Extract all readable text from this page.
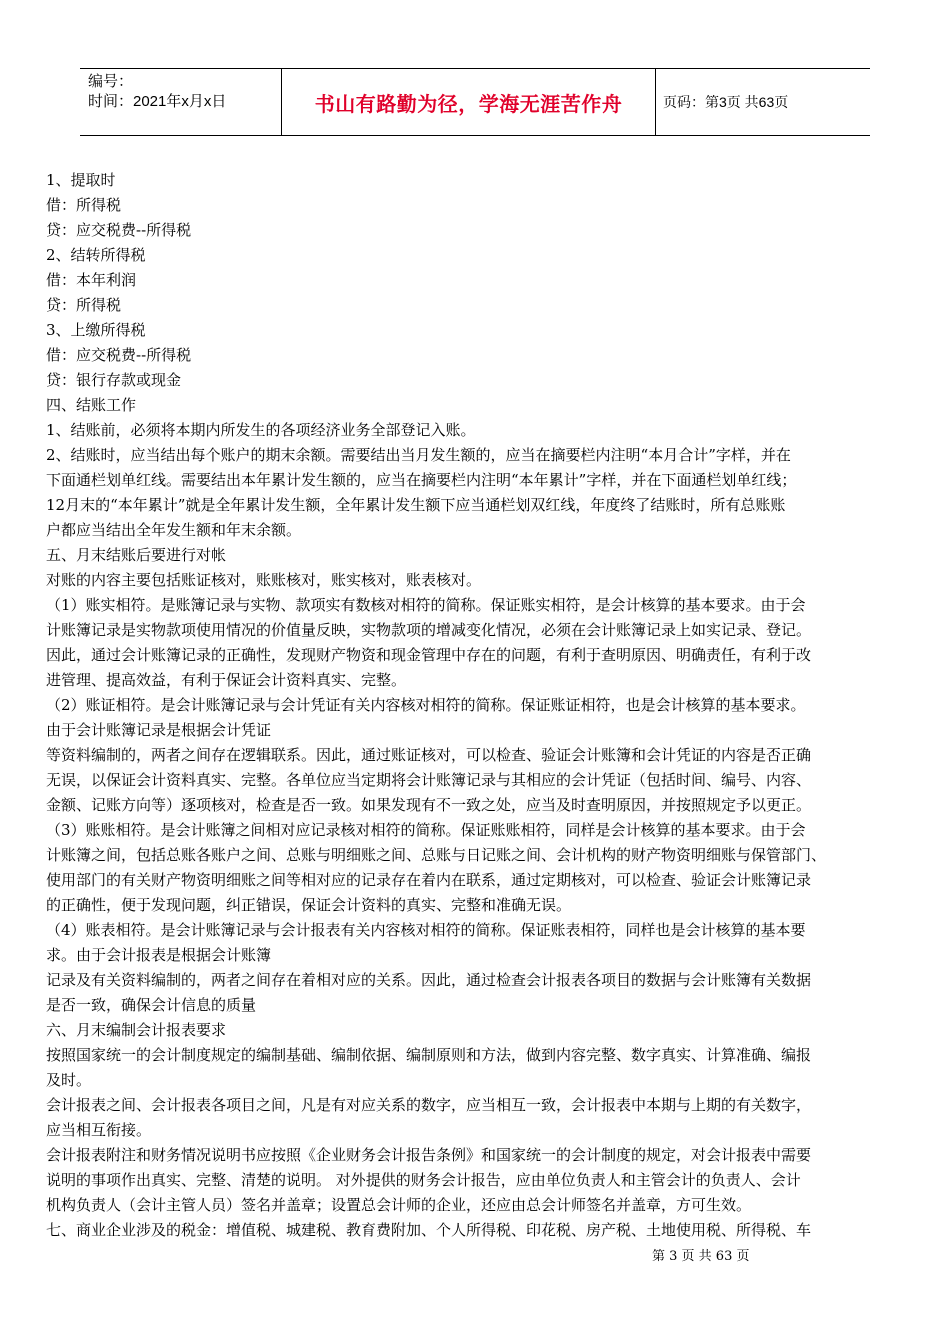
编号：
时间：2021年x月x日	书山有路勤为径，学海无涯苦作舟	页码：第3页 共63页

1、提取时

借：所得税

贷：应交税费--所得税

2、结转所得税

借：本年利润

贷：所得税

3、上缴所得税

借：应交税费--所得税

贷：银行存款或现金

四、结账工作

1、结账前，必须将本期内所发生的各项经济业务全部登记入账。

2、结账时，应当结出每个账户的期末余额。需要结出当月发生额的，应当在摘要栏内注明“本月合计”字样，并在

下面通栏划单红线。需要结出本年累计发生额的，应当在摘要栏内注明“本年累计”字样，并在下面通栏划单红线；

12月末的“本年累计”就是全年累计发生额，全年累计发生额下应当通栏划双红线，年度终了结账时，所有总账账

户都应当结出全年发生额和年末余额。

五、月末结账后要进行对帐

对账的内容主要包括账证核对，账账核对，账实核对，账表核对。

（1）账实相符。是账簿记录与实物、款项实有数核对相符的简称。保证账实相符，是会计核算的基本要求。由于会

计账簿记录是实物款项使用情况的价值量反映，实物款项的增减变化情况，必须在会计账簿记录上如实记录、登记。

因此，通过会计账簿记录的正确性，发现财产物资和现金管理中存在的问题，有利于查明原因、明确责任，有利于改

进管理、提高效益，有利于保证会计资料真实、完整。

（2）账证相符。是会计账簿记录与会计凭证有关内容核对相符的简称。保证账证相符，也是会计核算的基本要求。

由于会计账簿记录是根据会计凭证

等资料编制的，两者之间存在逻辑联系。因此，通过账证核对，可以检查、验证会计账簿和会计凭证的内容是否正确

无误，以保证会计资料真实、完整。各单位应当定期将会计账簿记录与其相应的会计凭证（包括时间、编号、内容、

金额、记账方向等）逐项核对，检查是否一致。如果发现有不一致之处，应当及时查明原因，并按照规定予以更正。

（3）账账相符。是会计账簿之间相对应记录核对相符的简称。保证账账相符，同样是会计核算的基本要求。由于会

计账簿之间，包括总账各账户之间、总账与明细账之间、总账与日记账之间、会计机构的财产物资明细账与保管部门、

使用部门的有关财产物资明细账之间等相对应的记录存在着内在联系，通过定期核对，可以检查、验证会计账簿记录

的正确性，便于发现问题，纠正错误，保证会计资料的真实、完整和准确无误。

（4）账表相符。是会计账簿记录与会计报表有关内容核对相符的简称。保证账表相符，同样也是会计核算的基本要

求。由于会计报表是根据会计账簿

记录及有关资料编制的，两者之间存在着相对应的关系。因此，通过检查会计报表各项目的数据与会计账簿有关数据

是否一致，确保会计信息的质量

六、月末编制会计报表要求

按照国家统一的会计制度规定的编制基础、编制依据、编制原则和方法，做到内容完整、数字真实、计算准确、编报

及时。

会计报表之间、会计报表各项目之间，凡是有对应关系的数字，应当相互一致，会计报表中本期与上期的有关数字，

应当相互衔接。

会计报表附注和财务情况说明书应按照《企业财务会计报告条例》和国家统一的会计制度的规定，对会计报表中需要

说明的事项作出真实、完整、清楚的说明。 对外提供的财务会计报告，应由单位负责人和主管会计的负责人、会计

机构负责人（会计主管人员）签名并盖章；设置总会计师的企业，还应由总会计师签名并盖章，方可生效。

七、商业企业涉及的税金：增值税、城建税、教育费附加、个人所得税、印花税、房产税、土地使用税、所得税、车

第 3 页 共 63 页
